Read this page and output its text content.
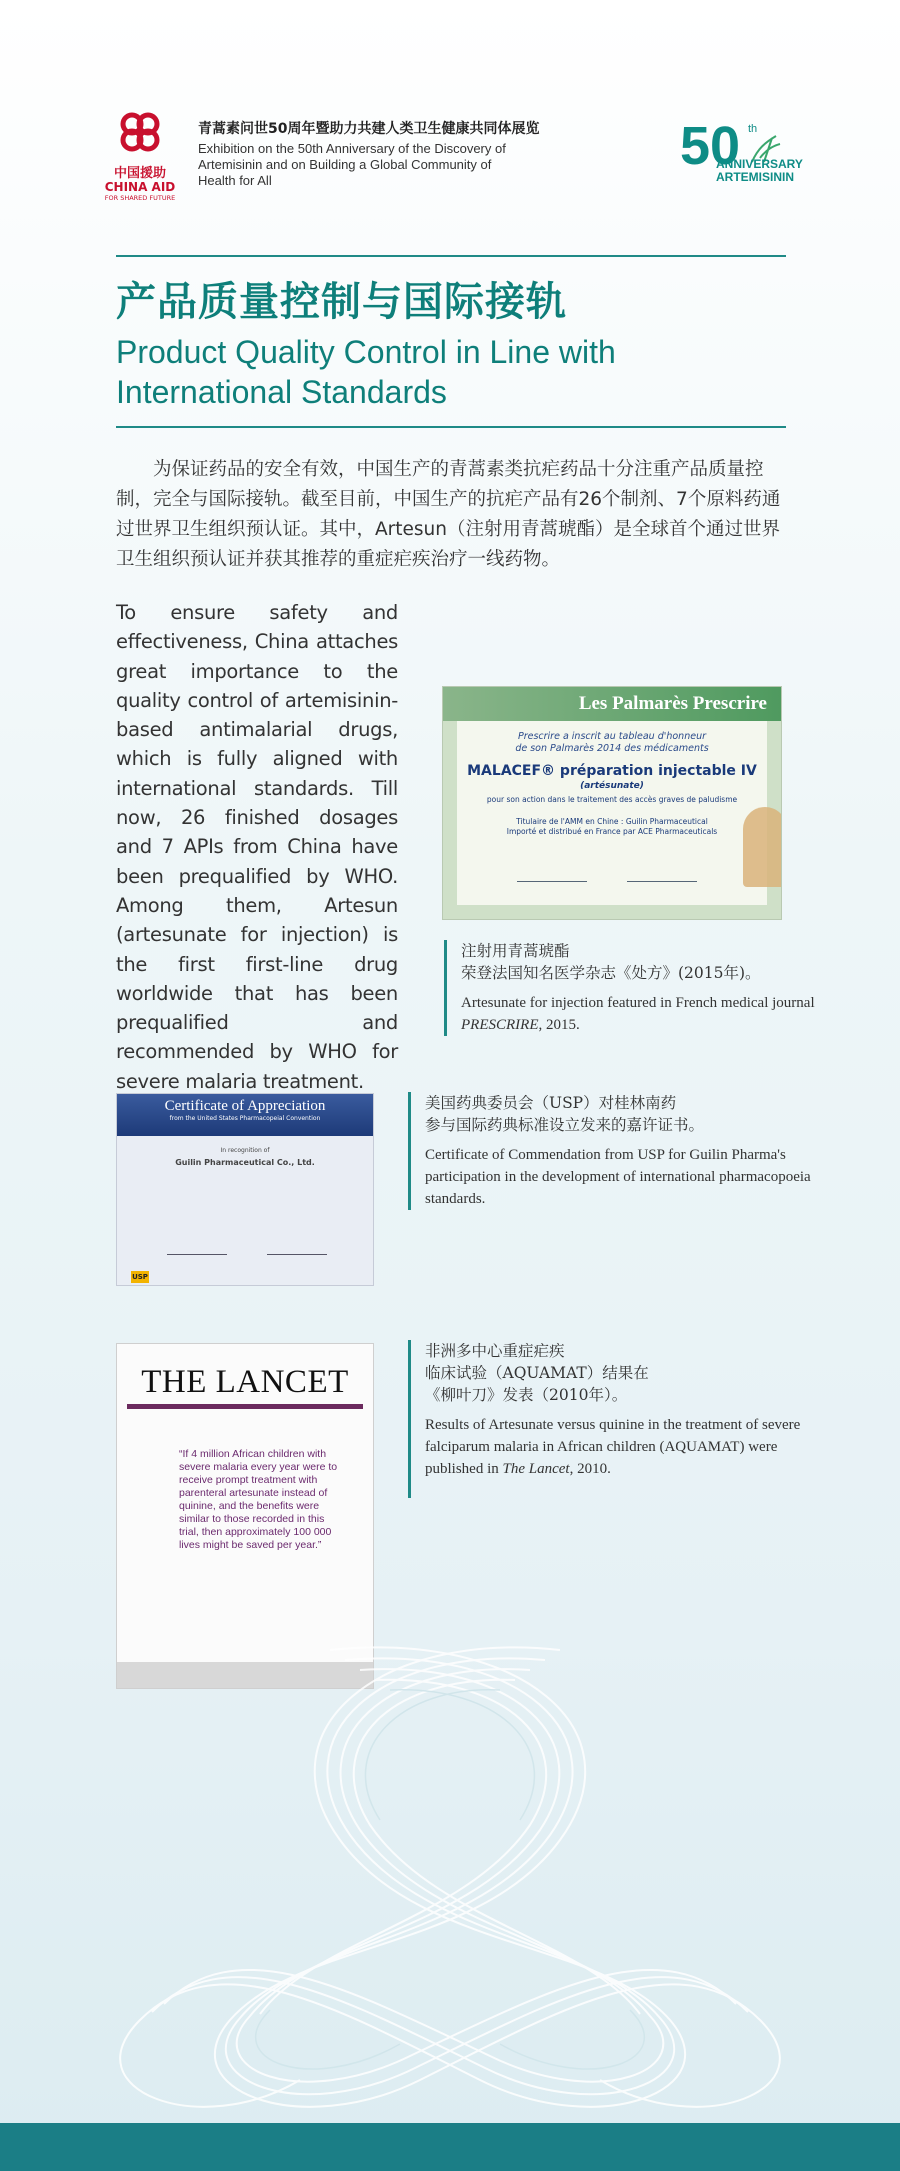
中国援助
CHINA AID
FOR SHARED FUTURE
青蒿素问世50周年暨助力共建人类卫生健康共同体展览
Exhibition on the 50th Anniversary of the Discovery of
Artemisinin and on Building a Global Community of
Health for All
50 th
ANNIVERSARY
ARTEMISININ
产品质量控制与国际接轨
Product Quality Control in Line with
International Standards
为保证药品的安全有效，中国生产的青蒿素类抗疟药品十分注重产品质量控制，完全与国际接轨。截至目前，中国生产的抗疟产品有26个制剂、7个原料药通过世界卫生组织预认证。其中，Artesun（注射用青蒿琥酯）是全球首个通过世界卫生组织预认证并获其推荐的重症疟疾治疗一线药物。
To ensure safety and effectiveness, China attaches great importance to the quality control of artemisinin-based antimalarial drugs, which is fully aligned with international standards. Till now, 26 finished dosages and 7 APIs from China have been prequalified by WHO. Among them, Artesun (artesunate for injection) is the first first-line drug worldwide that has been prequalified and recommended by WHO for severe malaria treatment.
Les Palmarès Prescrire
Prescrire a inscrit au tableau d'honneur
de son Palmarès 2014 des médicaments
MALACEF® préparation injectable IV
(artésunate)
pour son action dans le traitement des accès graves de paludisme
Titulaire de l'AMM en Chine : Guilin Pharmaceutical
Importé et distribué en France par ACE Pharmaceuticals
注射用青蒿琥酯
荣登法国知名医学杂志《处方》(2015年)。
Artesunate for injection featured in French medical journal PRESCRIRE, 2015.
Certificate of Appreciation
from the United States Pharmacopeial Convention
In recognition of
Guilin Pharmaceutical Co., Ltd.
USP
美国药典委员会（USP）对桂林南药
参与国际药典标准设立发来的嘉许证书。
Certificate of Commendation from USP for Guilin Pharma's participation in the development of international pharmacopoeia standards.
THE LANCET
“If 4 million African children with severe malaria every year were to receive prompt treatment with parenteral artesunate instead of quinine, and the benefits were similar to those recorded in this trial, then approximately 100 000 lives might be saved per year.”
非洲多中心重症疟疾
临床试验（AQUAMAT）结果在
《柳叶刀》发表（2010年）。
Results of Artesunate versus quinine in the treatment of severe falciparum malaria in African children (AQUAMAT) were published in The Lancet, 2010.
